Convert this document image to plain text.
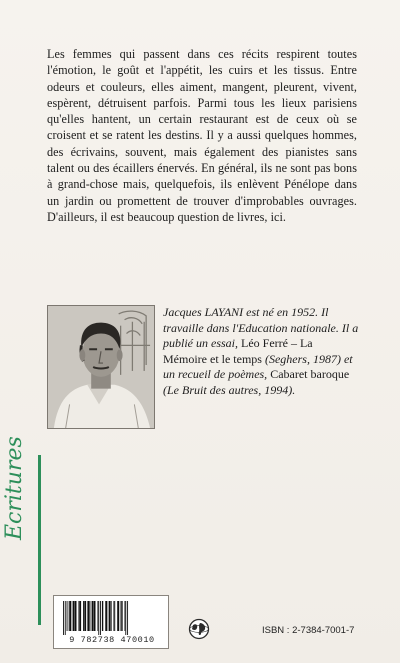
Les femmes qui passent dans ces récits respirent toutes l'émotion, le goût et l'appétit, les cuirs et les tissus. Entre odeurs et couleurs, elles aiment, mangent, pleurent, vivent, espèrent, détruisent parfois. Parmi tous les lieux parisiens qu'elles hantent, un certain restaurant est de ceux où se croisent et se ratent les destins. Il y a aussi quelques hommes, des écrivains, souvent, mais également des pianistes sans talent ou des écaillers énervés. En général, ils ne sont pas bons à grand-chose mais, quelquefois, ils enlèvent Pénélope dans un jardin ou promettent de trouver d'improbables ouvrages. D'ailleurs, il est beaucoup question de livres, ici.

Jacques LAYANI est né en 1952. Il travaille dans l'Education nationale. Il a publié un essai, Léo Ferré – La Mémoire et le temps (Seghers, 1987) et un recueil de poèmes, Cabaret baroque (Le Bruit des autres, 1994).
Ecritures
9 782738 470010
ISBN : 2-7384-7001-7
